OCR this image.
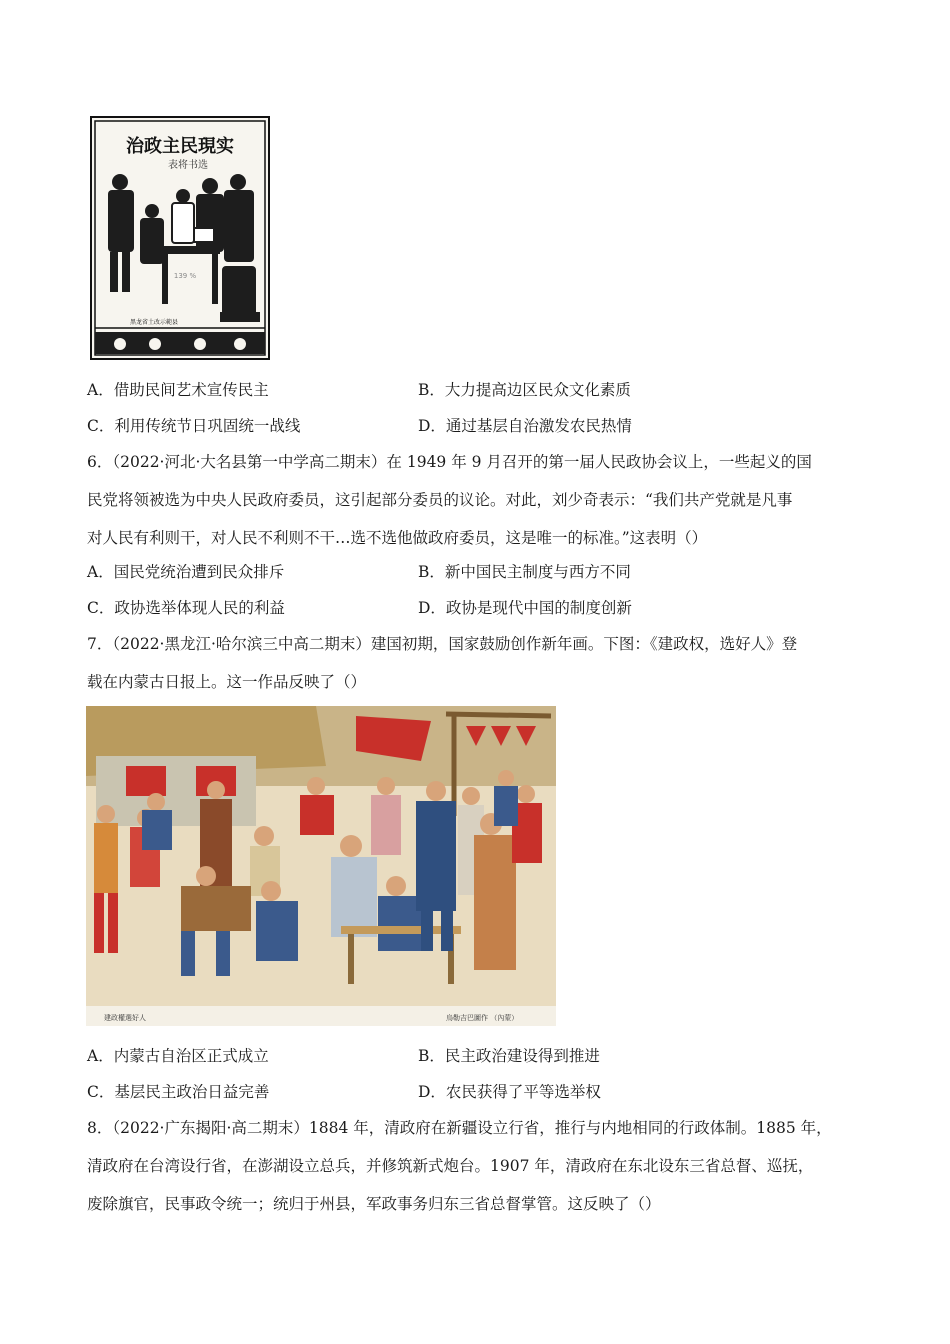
治政主民現实
表将书选
139 %
黑龙省土改示範县
A．借助民间艺术宣传民主	B．大力提高边区民众文化素质
C．利用传统节日巩固统一战线	D．通过基层自治激发农民热情
6．（2022·河北·大名县第一中学高二期末）在 1949 年 9 月召开的第一届人民政协会议上，一些起义的国
民党将领被选为中央人民政府委员，这引起部分委员的议论。对此，刘少奇表示：“我们共产党就是凡事
对人民有利则干，对人民不利则不干…选不选他做政府委员，这是唯一的标准。”这表明（）
A．国民党统治遭到民众排斥	B．新中国民主制度与西方不同
C．政协选举体现人民的利益	D．政协是现代中国的制度创新
7．（2022·黑龙江·哈尔滨三中高二期末）建国初期，国家鼓励创作新年画。下图：《建政权，选好人》登
载在内蒙古日报上。这一作品反映了（）
建政權選好人	烏勒吉巴圖作 （內蒙）
A．内蒙古自治区正式成立	B．民主政治建设得到推进
C．基层民主政治日益完善	D．农民获得了平等选举权
8．（2022·广东揭阳·高二期末）1884 年，清政府在新疆设立行省，推行与内地相同的行政体制。1885 年，
清政府在台湾设行省，在澎湖设立总兵，并修筑新式炮台。1907 年，清政府在东北设东三省总督、巡抚，
废除旗官，民事政令统一；统归于州县，军政事务归东三省总督掌管。这反映了（）
